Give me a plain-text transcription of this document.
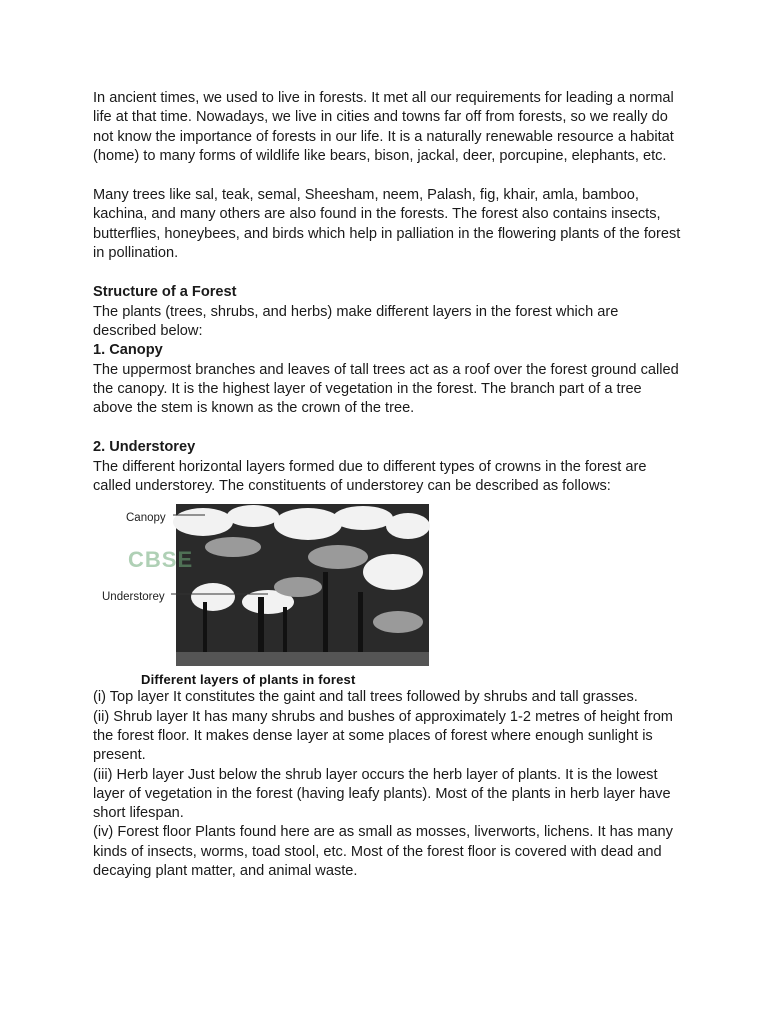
In ancient times, we used to live in forests. It met all our requirements for leading a normal life at that time. Nowadays, we live in cities and towns far off from forests, so we really do not know the importance of forests in our life. It is a naturally renewable resource a habitat (home) to many forms of wildlife like bears, bison, jackal, deer, porcupine, elephants, etc.

Many trees like sal, teak, semal, Sheesham, neem, Palash, fig, khair, amla, bamboo, kachina, and many others are also found in the forests. The forest also contains insects, butterflies, honeybees, and birds which help in palliation in the flowering plants of the forest in pollination.

Structure of a Forest

The plants (trees, shrubs, and herbs) make different layers in the forest which are described below:

1. Canopy

The uppermost branches and leaves of tall trees act as a roof over the forest ground called the canopy. It is the highest layer of vegetation in the forest. The branch part of a tree above the stem is known as the crown of the tree.

2. Understorey

The different horizontal layers formed due to different types of crowns in the forest are called understorey. The constituents of understorey can be described as follows:

CBSE
Canopy
Understorey
Different layers of plants in forest

(i) Top layer It constitutes the gaint and tall trees followed by shrubs and tall grasses.

(ii) Shrub layer It has many shrubs and bushes of approximately 1-2 metres of height from the forest floor. It makes dense layer at some places of forest where enough sunlight is present.

(iii) Herb layer Just below the shrub layer occurs the herb layer of plants. It is the lowest layer of vegetation in the forest (having leafy plants). Most of the plants in herb layer have short lifespan.

(iv) Forest floor Plants found here are as small as mosses, liverworts, lichens. It has many kinds of insects, worms, toad stool, etc. Most of the forest floor is covered with dead and decaying plant matter, and animal waste.
